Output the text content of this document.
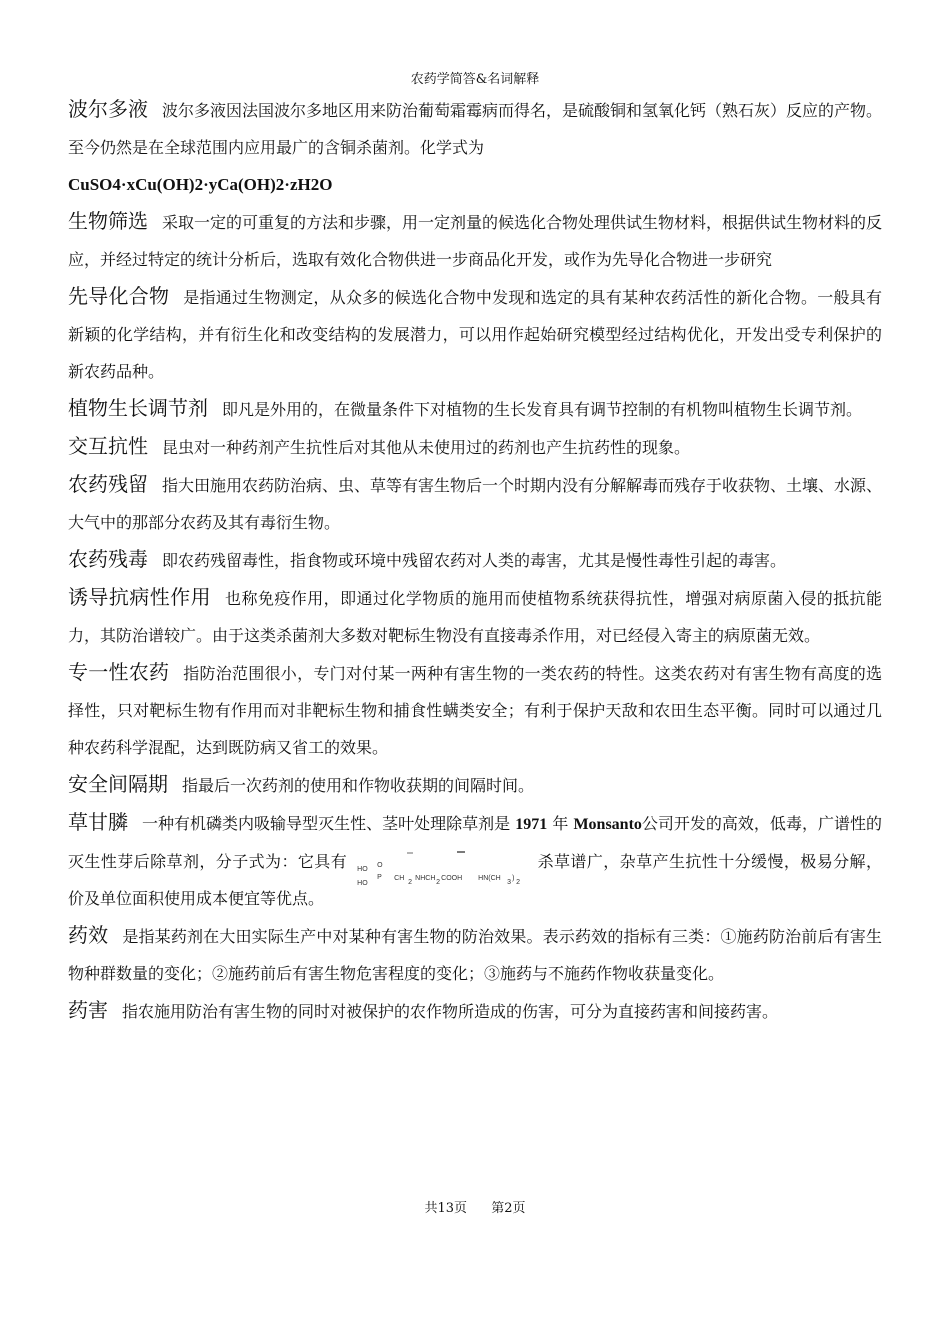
农药学简答&名词解释

波尔多液 波尔多液因法国波尔多地区用来防治葡萄霜霉病而得名，是硫酸铜和氢氧化钙（熟石灰）反应的产物。至今仍然是在全球范围内应用最广的含铜杀菌剂。化学式为
CuSO4·xCu(OH)2·yCa(OH)2·zH2O

生物筛选 采取一定的可重复的方法和步骤，用一定剂量的候选化合物处理供试生物材料，根据供试生物材料的反应，并经过特定的统计分析后，选取有效化合物供进一步商品化开发，或作为先导化合物进一步研究

先导化合物 是指通过生物测定，从众多的候选化合物中发现和选定的具有某种农药活性的新化合物。一般具有新颖的化学结构，并有衍生化和改变结构的发展潜力，可以用作起始研究模型经过结构优化，开发出受专利保护的新农药品种。

植物生长调节剂 即凡是外用的，在微量条件下对植物的生长发育具有调节控制的有机物叫植物生长调节剂。

交互抗性 昆虫对一种药剂产生抗性后对其他从未使用过的药剂也产生抗药性的现象。

农药残留 指大田施用农药防治病、虫、草等有害生物后一个时期内没有分解解毒而残存于收获物、土壤、水源、大气中的那部分农药及其有毒衍生物。

农药残毒 即农药残留毒性，指食物或环境中残留农药对人类的毒害，尤其是慢性毒性引起的毒害。

诱导抗病性作用 也称免疫作用，即通过化学物质的施用而使植物系统获得抗性，增强对病原菌入侵的抵抗能力，其防治谱较广。由于这类杀菌剂大多数对靶标生物没有直接毒杀作用，对已经侵入寄主的病原菌无效。

专一性农药 指防治范围很小，专门对付某一两种有害生物的一类农药的特性。这类农药对有害生物有高度的选择性，只对靶标生物有作用而对非靶标生物和捕食性螨类安全；有利于保护天敌和农田生态平衡。同时可以通过几种农药科学混配，达到既防病又省工的效果。

安全间隔期 指最后一次药剂的使用和作物收获期的间隔时间。

草甘膦 一种有机磷类内吸输导型灭生性、茎叶处理除草剂是 1971 年 Monsanto公司开发的高效，低毒，广谱性的灭生性芽后除草剂，分子式为：它具有 HO
HO
O
P CH
2
NHCH
2
COOH HN(CH
3
)
2
杀草谱广，杂草产生抗性十分缓慢，极易分解，价及单位面积使用成本便宜等优点。

药效 是指某药剂在大田实际生产中对某种有害生物的防治效果。表示药效的指标有三类：①施药防治前后有害生物种群数量的变化；②施药前后有害生物危害程度的变化；③施药与不施药作物收获量变化。

药害 指农施用防治有害生物的同时对被保护的农作物所造成的伤害，可分为直接药害和间接药害。

共13页 第2页
